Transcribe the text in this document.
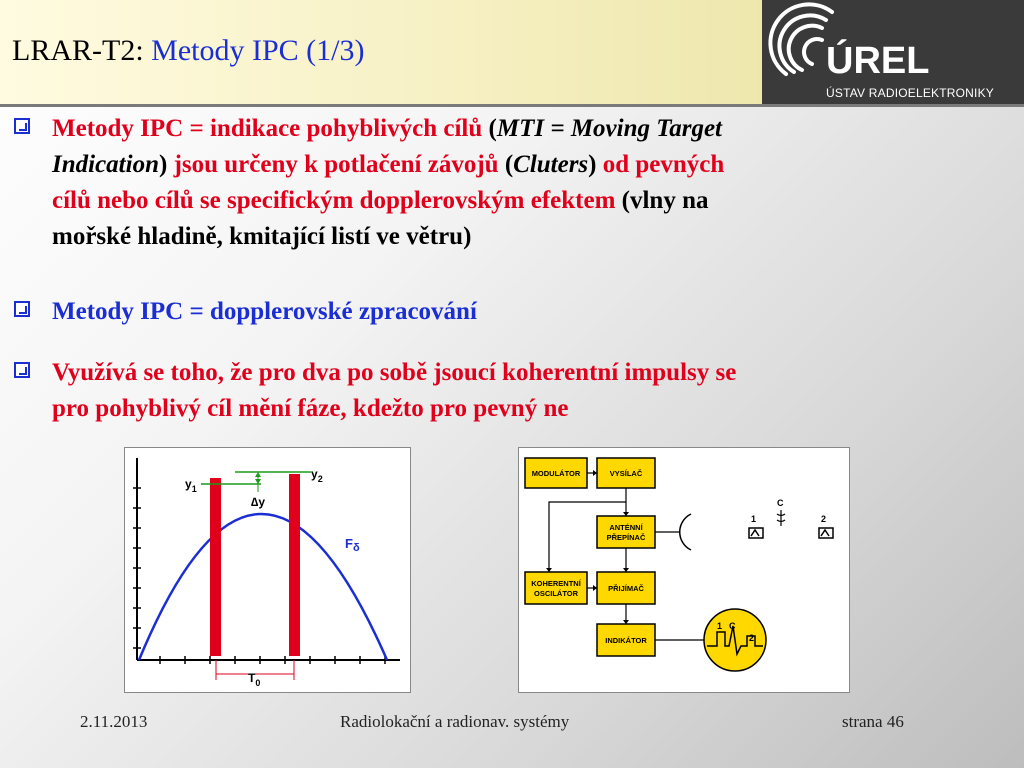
LRAR-T2: Metody IPC (1/3)	ÚREL
ÚSTAV RADIOELEKTRONIKY
Metody IPC = indikace pohyblivých cílů (MTI = Moving Target
Indication) jsou určeny k potlačení závojů (Cluters) od pevných
cílů nebo cílů se specifickým dopplerovským efektem (vlny na
mořské hladině, kmitající listí ve větru)
Metody IPC = dopplerovské zpracování
Využívá se toho, že pro dva po sobě jsoucí koherentní impulsy se
pro pohyblivý cíl mění fáze, kdežto pro pevný ne
$y_1$
$y_2$
∆y
$F_\delta$
$T_0$
MODULÁTOR	VYSÍLAČ
ANTÉNNÍ
PŘEPÍNAČ
KOHERENTNÍ
OSCILÁTOR
PŘIJÍMAČ
INDIKÁTOR
1	2
C
1 C
2
2.11.2013	Radiolokační a radionav. systémy	strana 46
